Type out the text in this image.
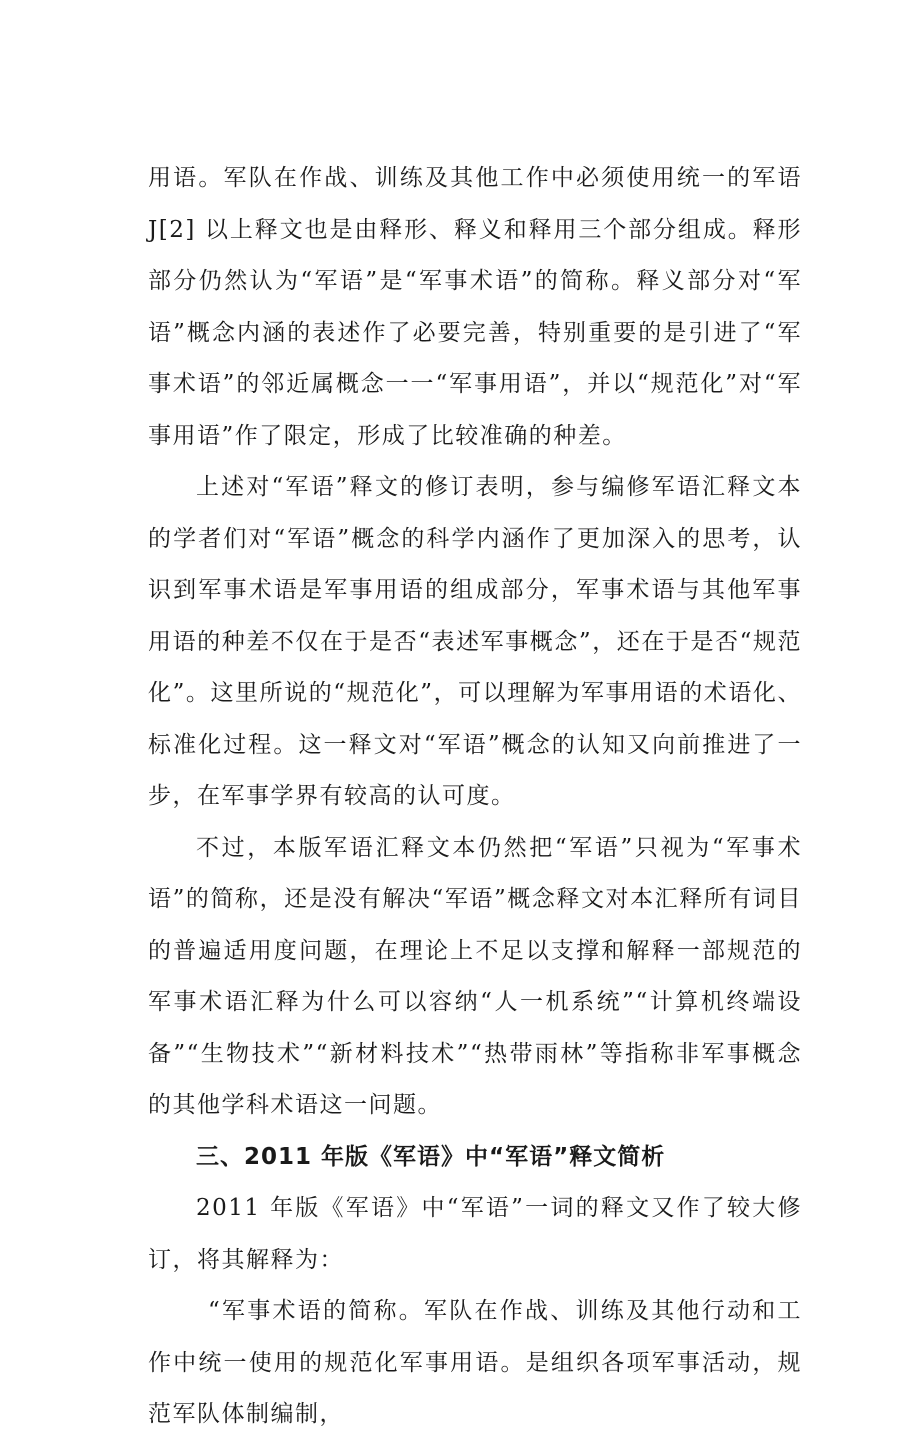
用语。军队在作战、训练及其他工作中必须使用统一的军语 J[2] 以上释文也是由释形、释义和释用三个部分组成。释形部分仍然认为“军语”是“军事术语”的简称。释义部分对“军语”概念内涵的表述作了必要完善，特别重要的是引进了“军事术语”的邻近属概念一一“军事用语”，并以“规范化”对“军事用语”作了限定，形成了比较准确的种差。

上述对“军语”释文的修订表明，参与编修军语汇释文本的学者们对“军语”概念的科学内涵作了更加深入的思考，认识到军事术语是军事用语的组成部分，军事术语与其他军事用语的种差不仅在于是否“表述军事概念”，还在于是否“规范化”。这里所说的“规范化”，可以理解为军事用语的术语化、标准化过程。这一释文对“军语”概念的认知又向前推进了一步，在军事学界有较高的认可度。

不过，本版军语汇释文本仍然把“军语”只视为“军事术语”的简称，还是没有解决“军语”概念释文对本汇释所有词目的普遍适用度问题，在理论上不足以支撑和解释一部规范的军事术语汇释为什么可以容纳“人一机系统”“计算机终端设备”“生物技术”“新材料技术”“热带雨林”等指称非军事概念的其他学科术语这一问题。

三、2011 年版《军语》中“军语”释文简析

2011 年版《军语》中“军语”一词的释文又作了较大修订，将其解释为：

“军事术语的简称。军队在作战、训练及其他行动和工作中统一使用的规范化军事用语。是组织各项军事活动，规范军队体制编制，
